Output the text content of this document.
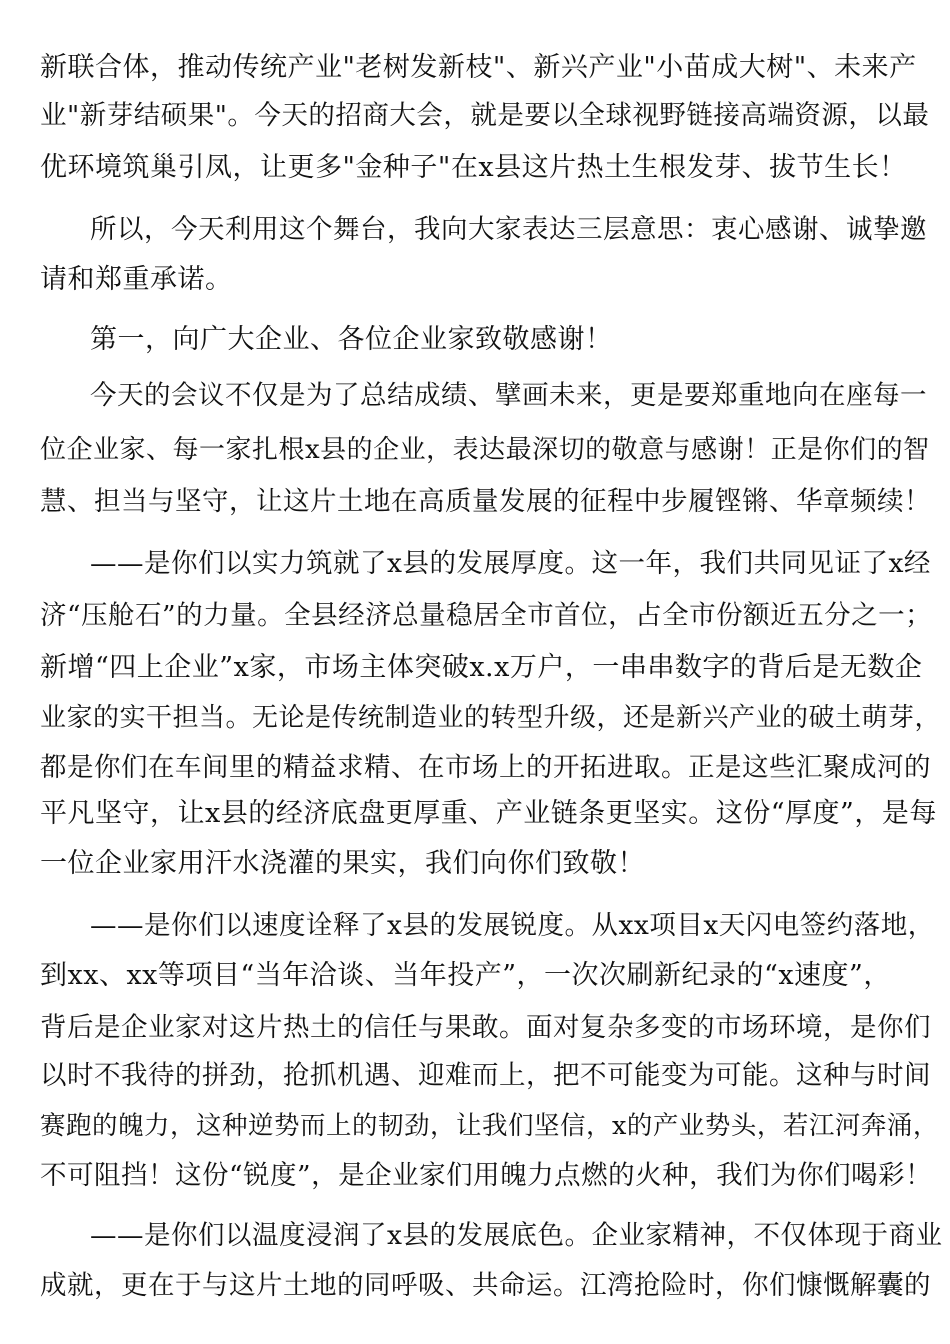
新联合体，推动传统产业"老树发新枝"、新兴产业"小苗成大树"、未来产

业"新芽结硕果"。今天的招商大会，就是要以全球视野链接高端资源，以最

优环境筑巢引凤，让更多"金种子"在x县这片热土生根发芽、拔节生长！

所以，今天利用这个舞台，我向大家表达三层意思：衷心感谢、诚挚邀

请和郑重承诺。

第一，向广大企业、各位企业家致敬感谢！

今天的会议不仅是为了总结成绩、擘画未来，更是要郑重地向在座每一

位企业家、每一家扎根x县的企业，表达最深切的敬意与感谢！正是你们的智

慧、担当与坚守，让这片土地在高质量发展的征程中步履铿锵、华章频续！

——是你们以实力筑就了x县的发展厚度。这一年，我们共同见证了x经

济“压舱石”的力量。全县经济总量稳居全市首位，占全市份额近五分之一；

新增“四上企业”x家，市场主体突破x.x万户，一串串数字的背后是无数企

业家的实干担当。无论是传统制造业的转型升级，还是新兴产业的破土萌芽，

都是你们在车间里的精益求精、在市场上的开拓进取。正是这些汇聚成河的

平凡坚守，让x县的经济底盘更厚重、产业链条更坚实。这份“厚度”，是每

一位企业家用汗水浇灌的果实，我们向你们致敬！

——是你们以速度诠释了x县的发展锐度。从xx项目x天闪电签约落地，

到xx、xx等项目“当年洽谈、当年投产”，一次次刷新纪录的“x速度”，

背后是企业家对这片热土的信任与果敢。面对复杂多变的市场环境，是你们

以时不我待的拼劲，抢抓机遇、迎难而上，把不可能变为可能。这种与时间

赛跑的魄力，这种逆势而上的韧劲，让我们坚信，x的产业势头，若江河奔涌，

不可阻挡！这份“锐度”，是企业家们用魄力点燃的火种，我们为你们喝彩！

——是你们以温度浸润了x县的发展底色。企业家精神，不仅体现于商业

成就，更在于与这片土地的同呼吸、共命运。江湾抢险时，你们慷慨解囊的
